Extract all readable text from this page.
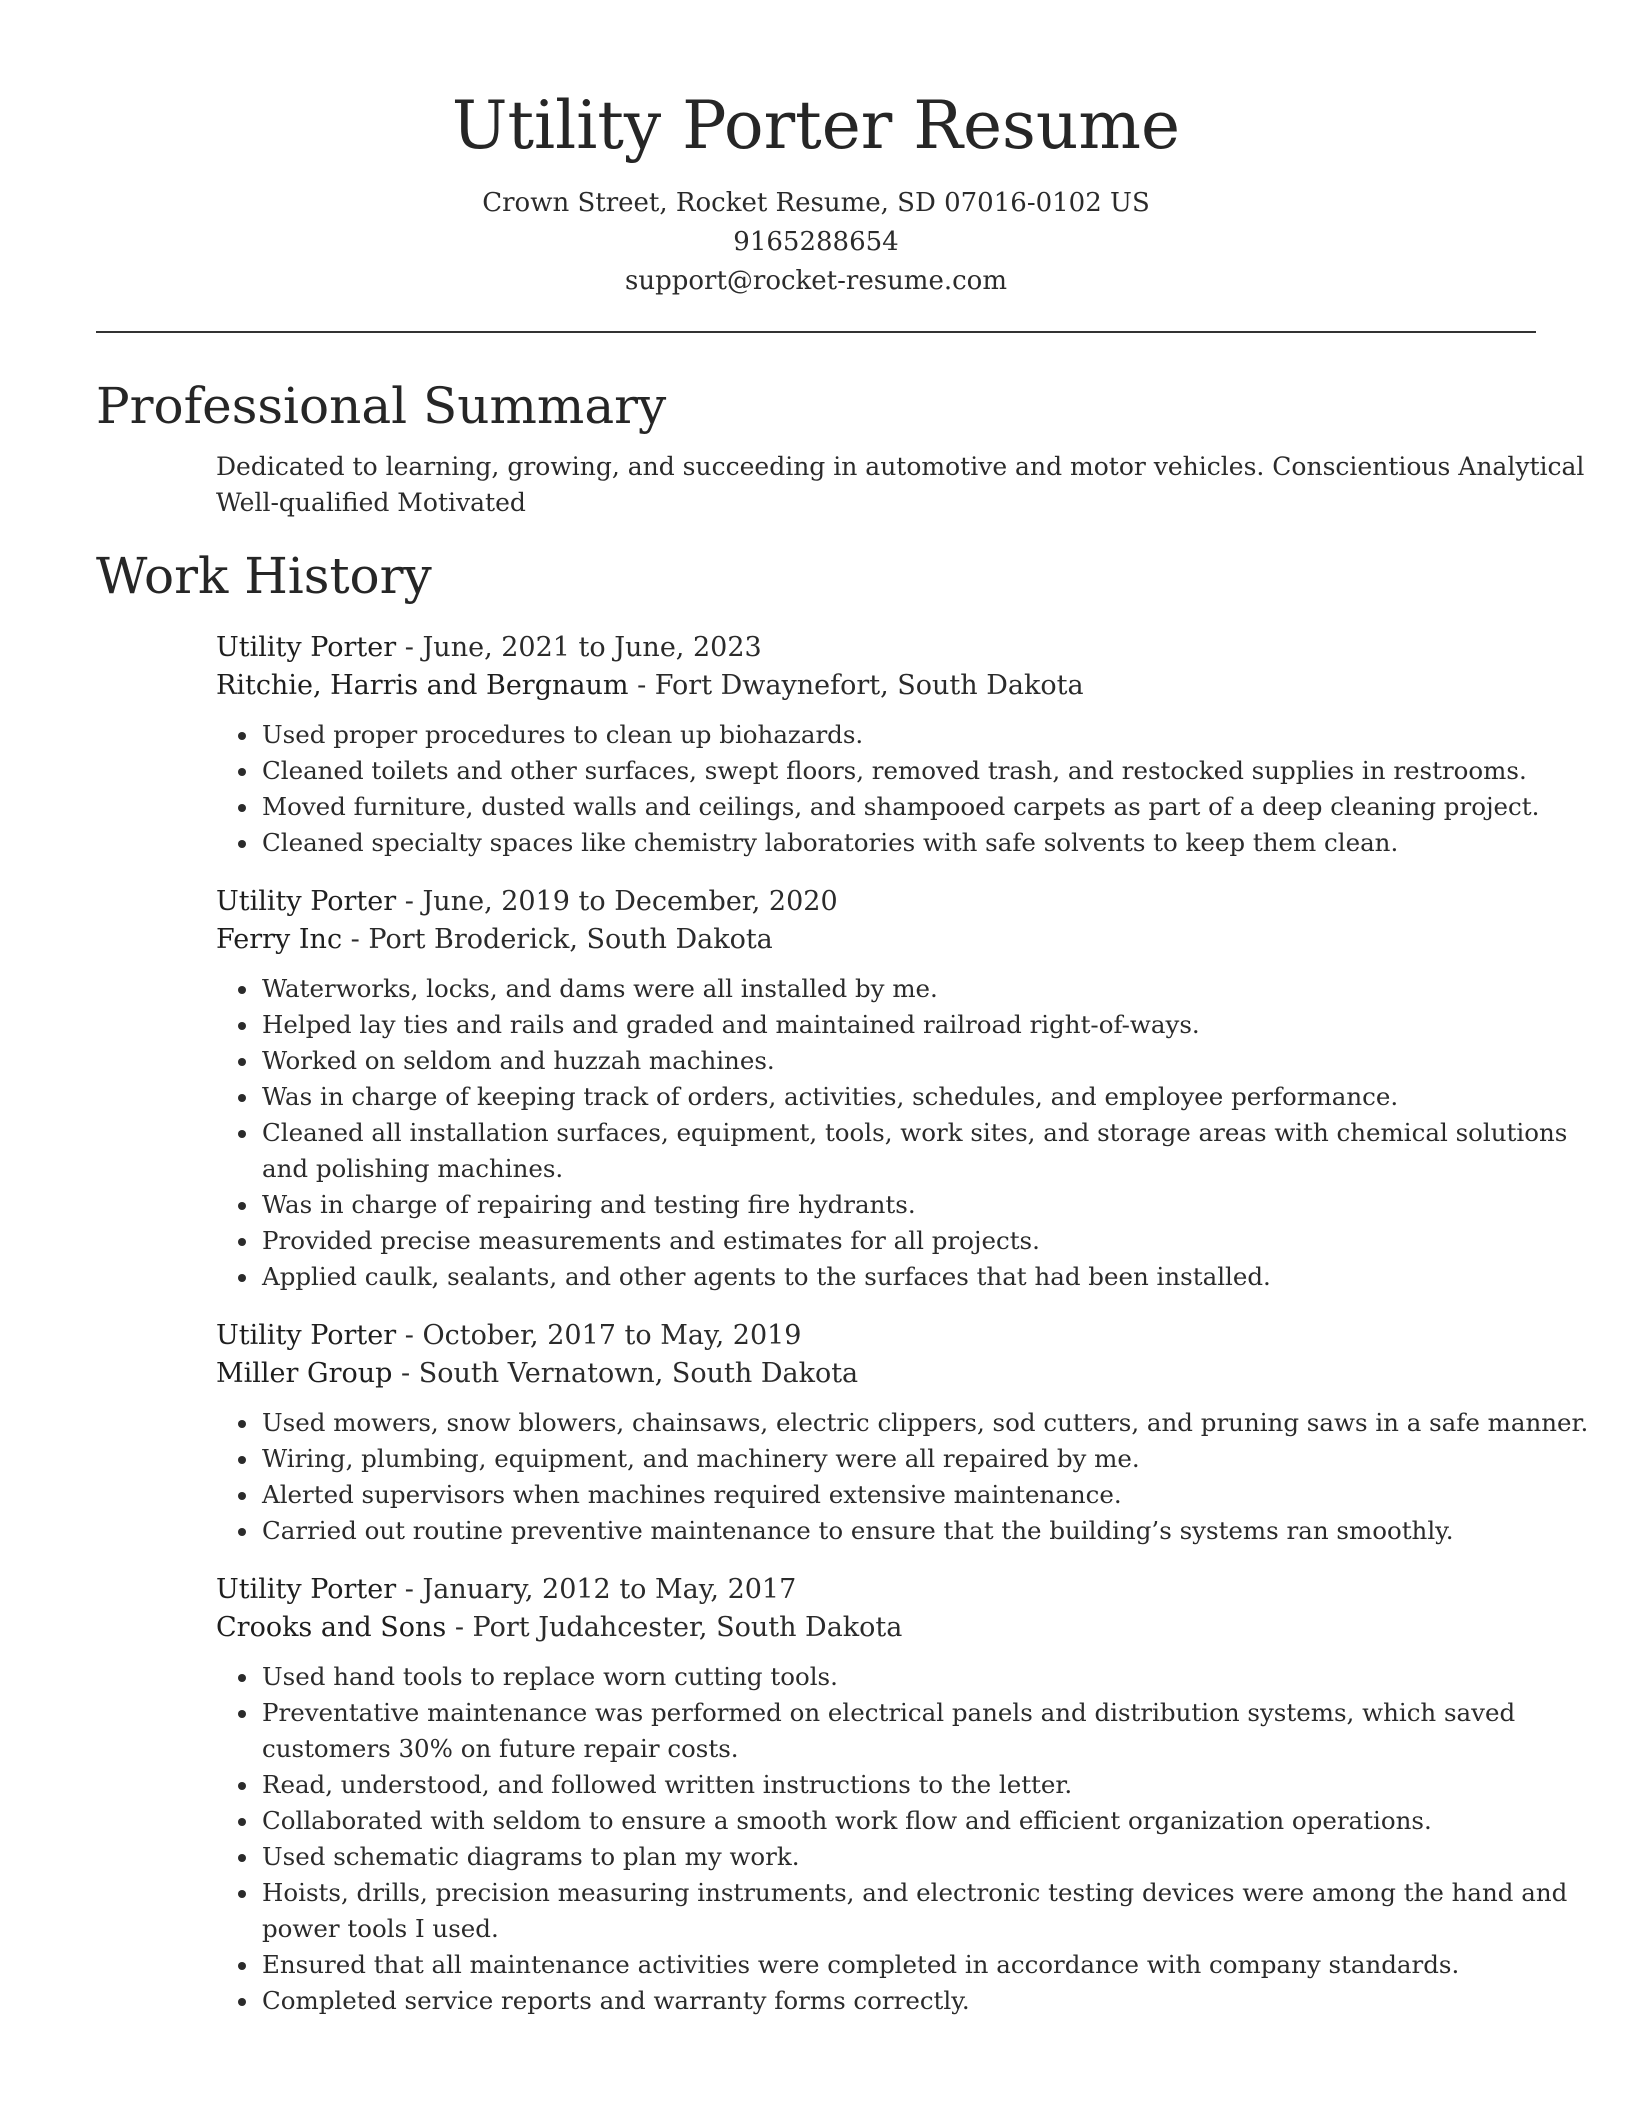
Utility Porter Resume
Crown Street, Rocket Resume, SD 07016-0102 US
9165288654
support@rocket-resume.com
Professional Summary
Dedicated to learning, growing, and succeeding in automotive and motor vehicles. Conscientious Analytical Well-qualified Motivated
Work History
Utility Porter - June, 2021 to June, 2023
Ritchie, Harris and Bergnaum - Fort Dwaynefort, South Dakota
• Used proper procedures to clean up biohazards.
• Cleaned toilets and other surfaces, swept floors, removed trash, and restocked supplies in restrooms.
• Moved furniture, dusted walls and ceilings, and shampooed carpets as part of a deep cleaning project.
• Cleaned specialty spaces like chemistry laboratories with safe solvents to keep them clean.
Utility Porter - June, 2019 to December, 2020
Ferry Inc - Port Broderick, South Dakota
• Waterworks, locks, and dams were all installed by me.
• Helped lay ties and rails and graded and maintained railroad right-of-ways.
• Worked on seldom and huzzah machines.
• Was in charge of keeping track of orders, activities, schedules, and employee performance.
• Cleaned all installation surfaces, equipment, tools, work sites, and storage areas with chemical solutions and polishing machines.
• Was in charge of repairing and testing fire hydrants.
• Provided precise measurements and estimates for all projects.
• Applied caulk, sealants, and other agents to the surfaces that had been installed.
Utility Porter - October, 2017 to May, 2019
Miller Group - South Vernatown, South Dakota
• Used mowers, snow blowers, chainsaws, electric clippers, sod cutters, and pruning saws in a safe manner.
• Wiring, plumbing, equipment, and machinery were all repaired by me.
• Alerted supervisors when machines required extensive maintenance.
• Carried out routine preventive maintenance to ensure that the building’s systems ran smoothly.
Utility Porter - January, 2012 to May, 2017
Crooks and Sons - Port Judahcester, South Dakota
• Used hand tools to replace worn cutting tools.
• Preventative maintenance was performed on electrical panels and distribution systems, which saved customers 30% on future repair costs.
• Read, understood, and followed written instructions to the letter.
• Collaborated with seldom to ensure a smooth work flow and efficient organization operations.
• Used schematic diagrams to plan my work.
• Hoists, drills, precision measuring instruments, and electronic testing devices were among the hand and power tools I used.
• Ensured that all maintenance activities were completed in accordance with company standards.
• Completed service reports and warranty forms correctly.
